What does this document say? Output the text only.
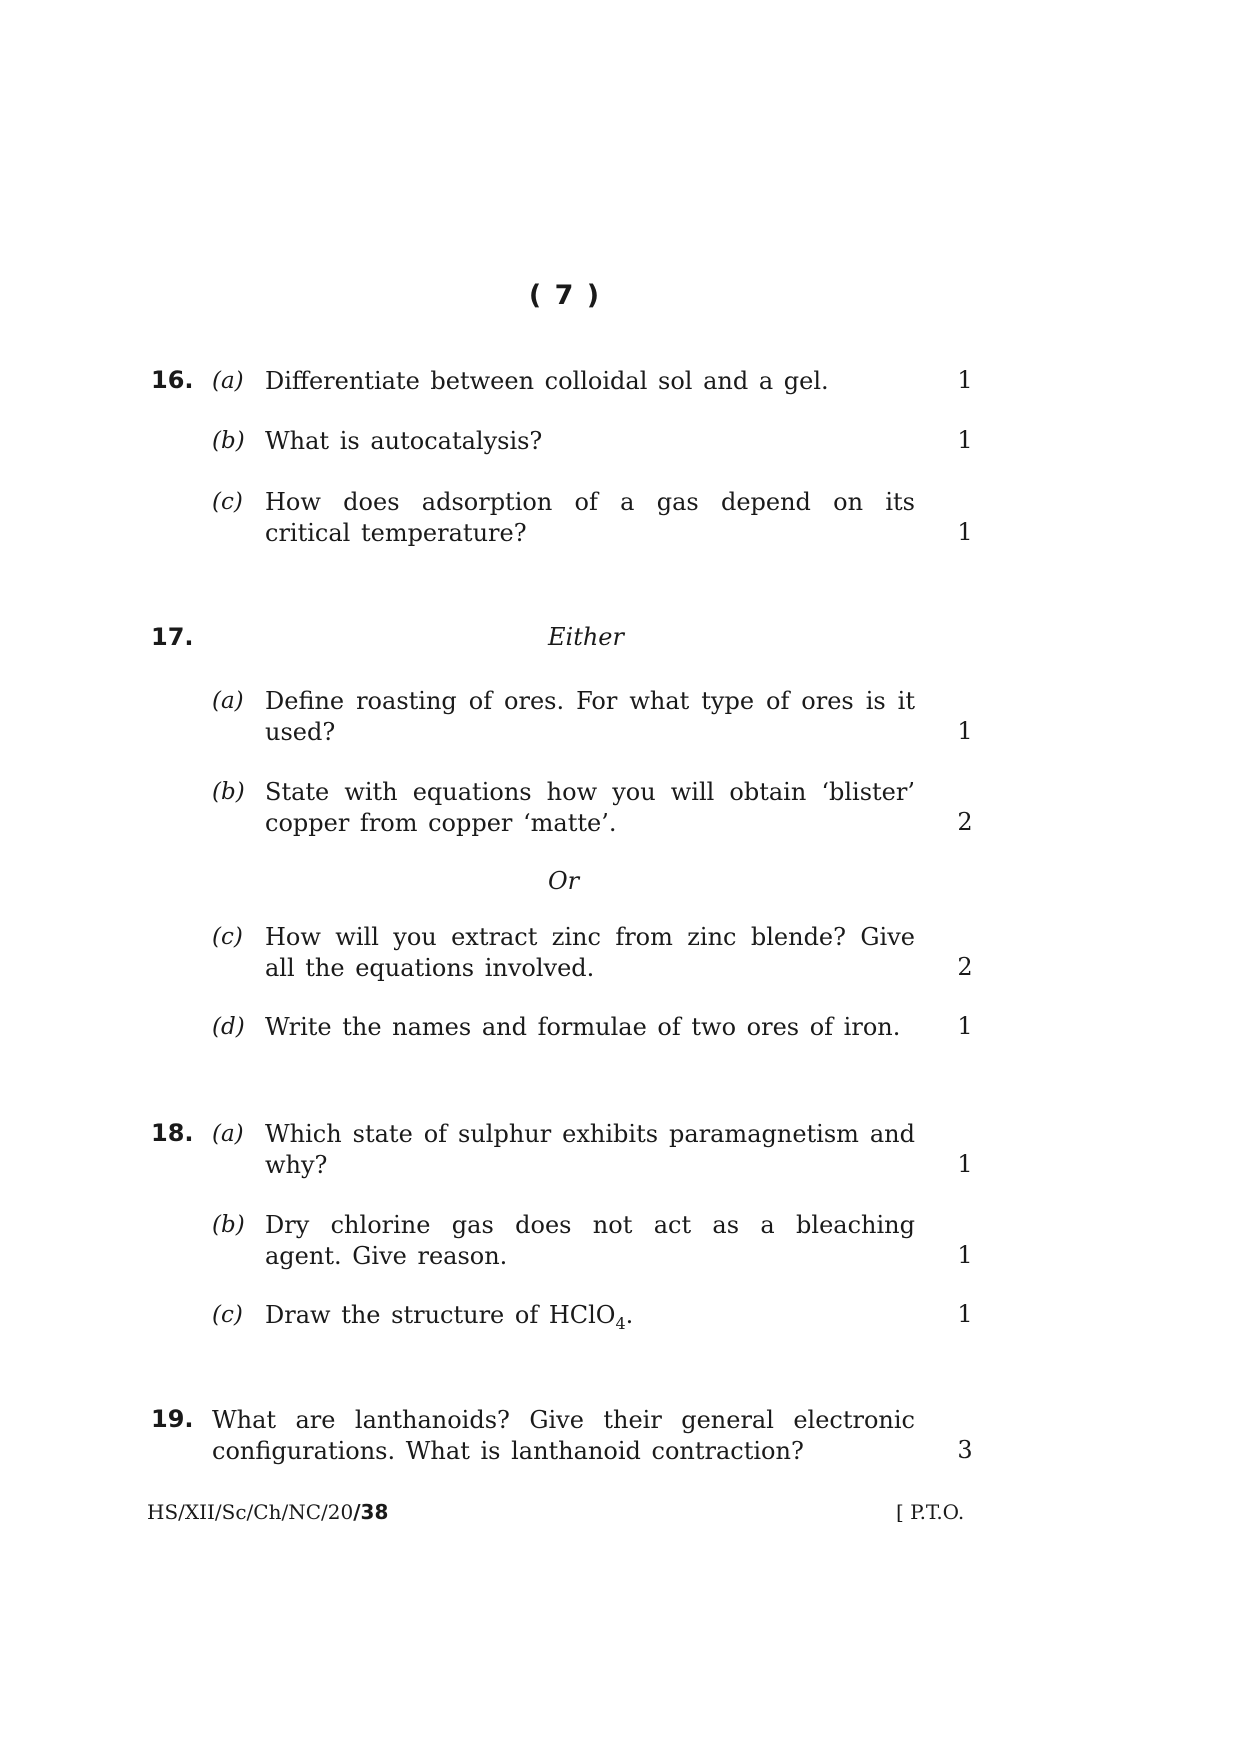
( 7 )
16. (a) Differentiate between colloidal sol and a gel.	1
(b) What is autocatalysis?	1
(c) How does adsorption of a gas depend on its critical temperature?	1
17.	Either
(a) Define roasting of ores. For what type of ores is it used?	1
(b) State with equations how you will obtain ‘blister’ copper from copper ‘matte’.	2
Or
(c) How will you extract zinc from zinc blende? Give all the equations involved.	2
(d) Write the names and formulae of two ores of iron.	1
18. (a) Which state of sulphur exhibits paramagnetism and why?	1
(b) Dry chlorine gas does not act as a bleaching agent. Give reason.	1
(c) Draw the structure of HClO$_4$.	1
19. What are lanthanoids? Give their general electronic configurations. What is lanthanoid contraction?	3
HS/XII/Sc/Ch/NC/20/38	[ P.T.O.
